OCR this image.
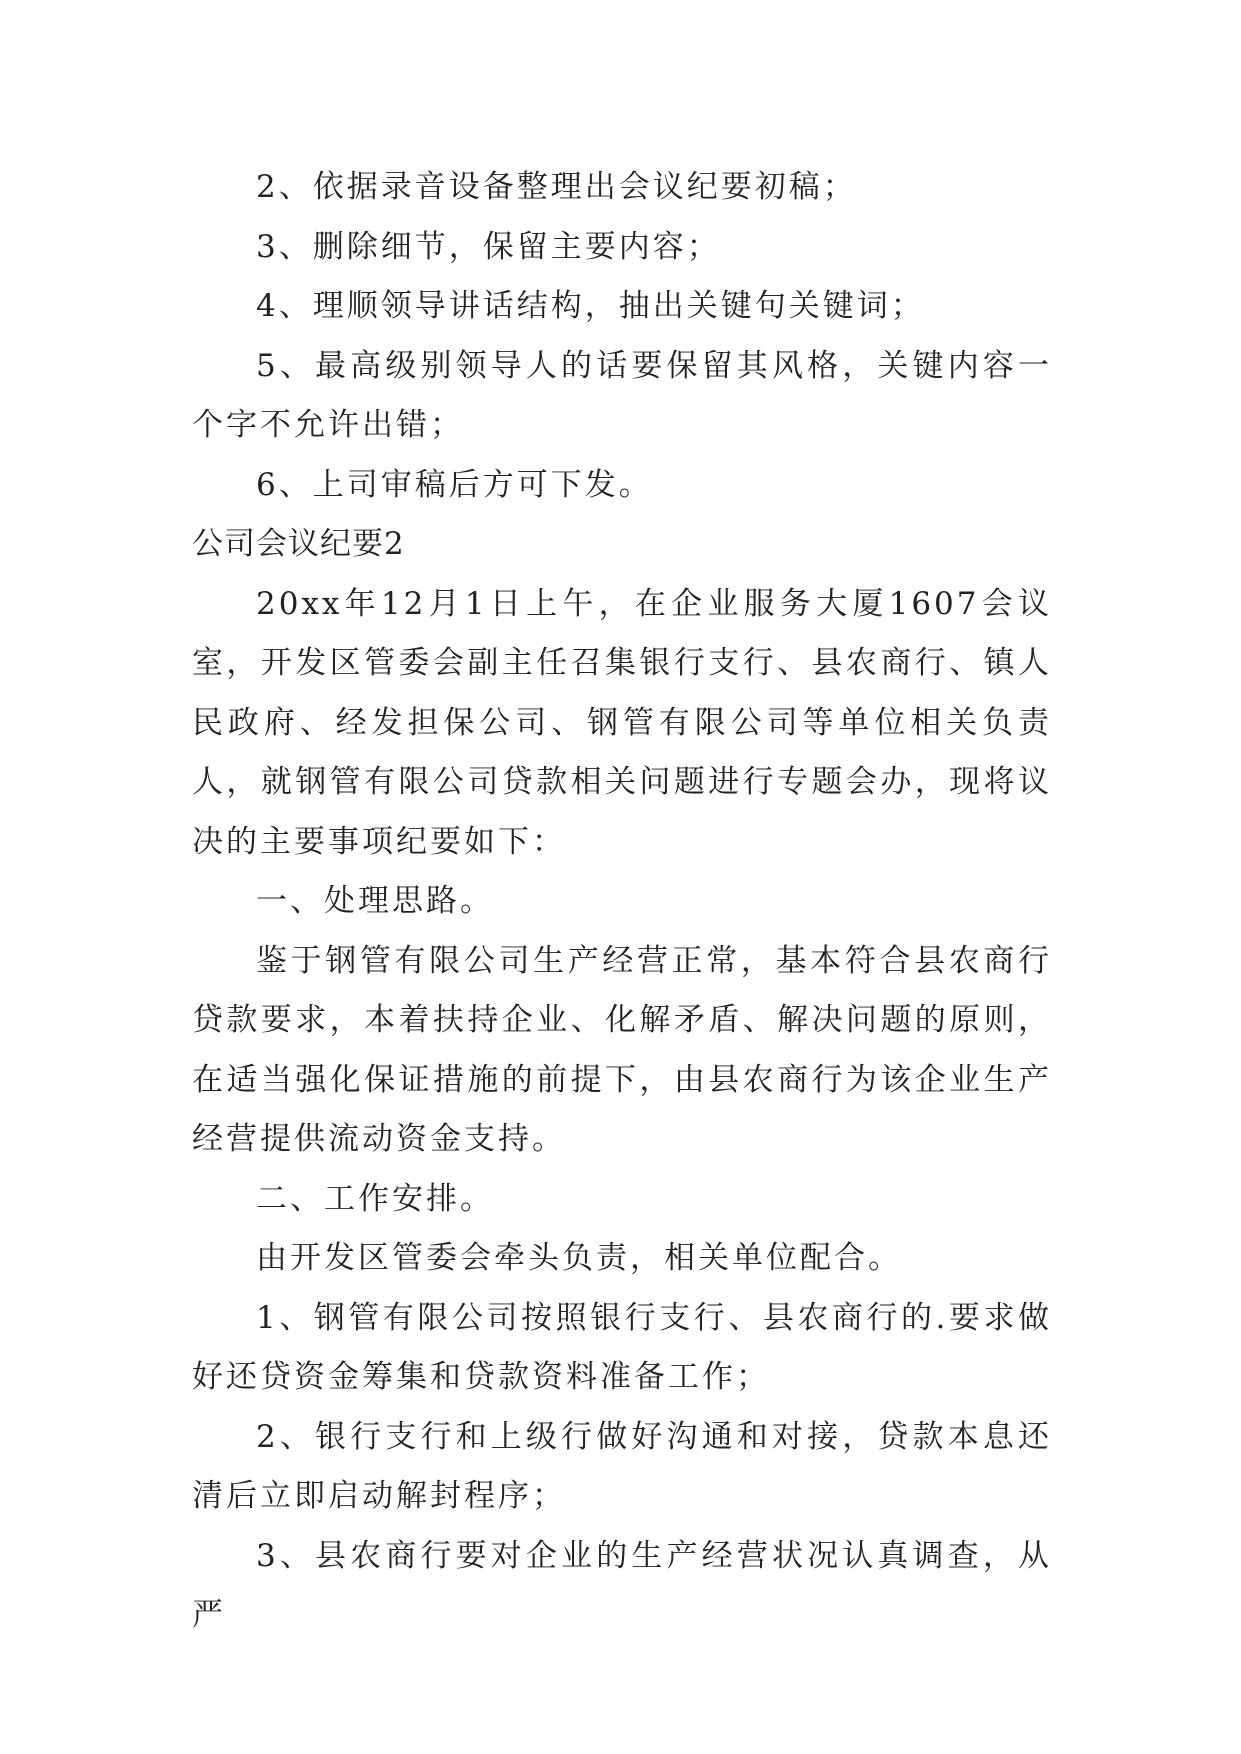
2、依据录音设备整理出会议纪要初稿；

3、删除细节，保留主要内容；

4、理顺领导讲话结构，抽出关键句关键词；

5、最高级别领导人的话要保留其风格，关键内容一个字不允许出错；

6、上司审稿后方可下发。

公司会议纪要2

20xx年12月1日上午，在企业服务大厦1607会议室，开发区管委会副主任召集银行支行、县农商行、镇人民政府、经发担保公司、钢管有限公司等单位相关负责人，就钢管有限公司贷款相关问题进行专题会办，现将议决的主要事项纪要如下：

一、处理思路。

鉴于钢管有限公司生产经营正常，基本符合县农商行贷款要求，本着扶持企业、化解矛盾、解决问题的原则，在适当强化保证措施的前提下，由县农商行为该企业生产经营提供流动资金支持。

二、工作安排。

由开发区管委会牵头负责，相关单位配合。

1、钢管有限公司按照银行支行、县农商行的.要求做好还贷资金筹集和贷款资料准备工作；

2、银行支行和上级行做好沟通和对接，贷款本息还清后立即启动解封程序；

3、县农商行要对企业的生产经营状况认真调查，从严
